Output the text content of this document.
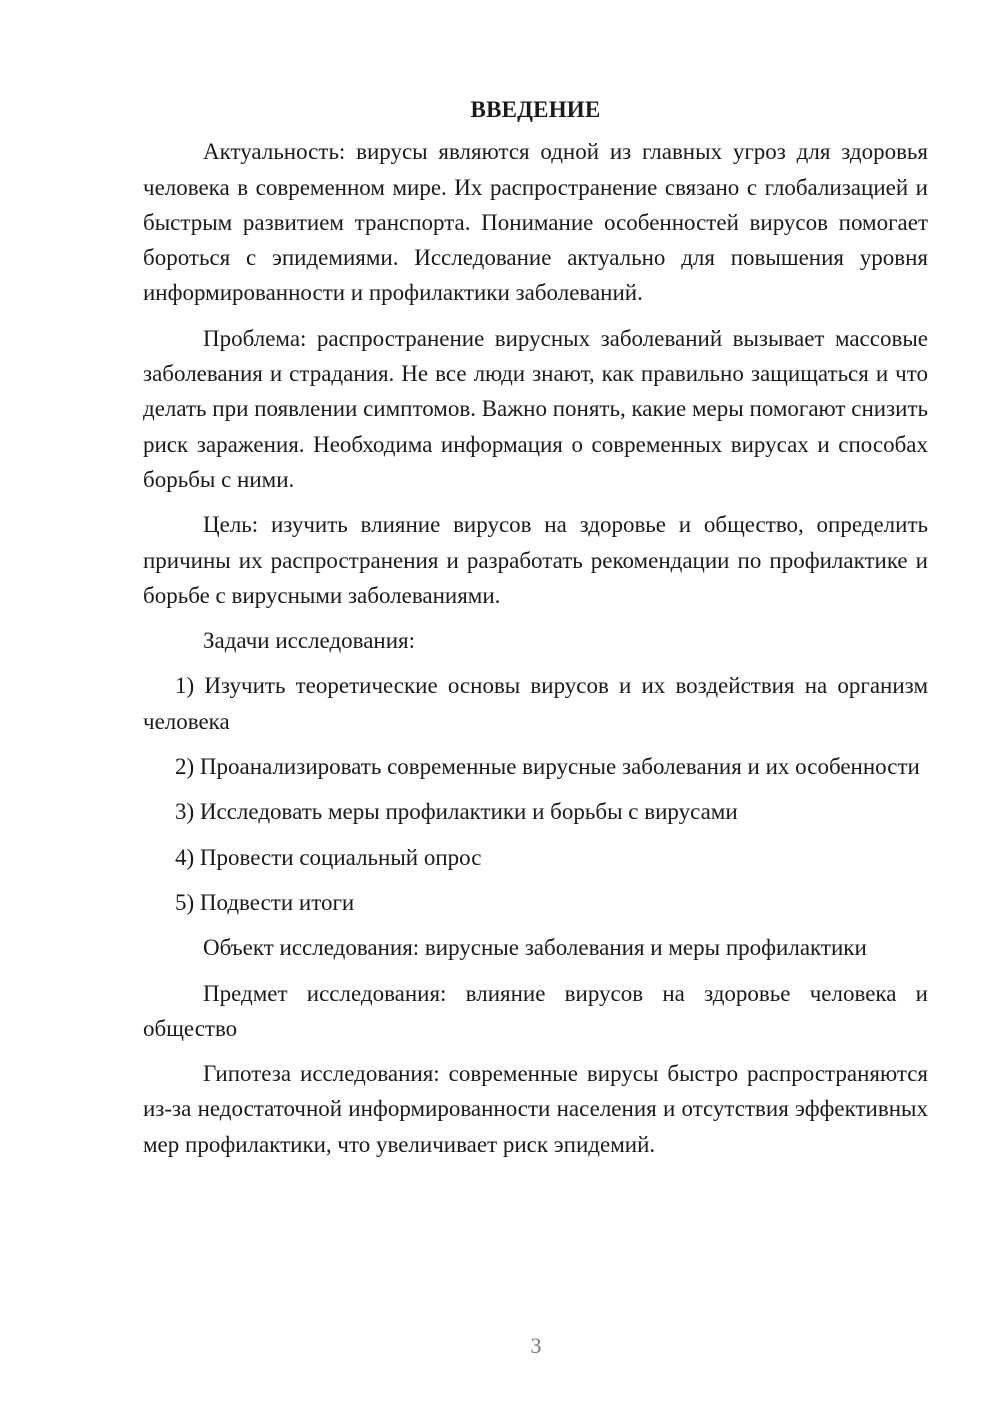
ВВЕДЕНИЕ

Актуальность: вирусы являются одной из главных угроз для здоровья человека в современном мире. Их распространение связано с глобализацией и быстрым развитием транспорта. Понимание особенностей вирусов помогает бороться с эпидемиями. Исследование актуально для повышения уровня информированности и профилактики заболеваний.

Проблема: распространение вирусных заболеваний вызывает массовые заболевания и страдания. Не все люди знают, как правильно защищаться и что делать при появлении симптомов. Важно понять, какие меры помогают снизить риск заражения. Необходима информация о современных вирусах и способах борьбы с ними.

Цель: изучить влияние вирусов на здоровье и общество, определить причины их распространения и разработать рекомендации по профилактике и борьбе с вирусными заболеваниями.

Задачи исследования:

1) Изучить теоретические основы вирусов и их воздействия на организм человека

2) Проанализировать современные вирусные заболевания и их особенности

3) Исследовать меры профилактики и борьбы с вирусами

4) Провести социальный опрос

5) Подвести итоги

Объект исследования: вирусные заболевания и меры профилактики

Предмет исследования: влияние вирусов на здоровье человека и общество

Гипотеза исследования: современные вирусы быстро распространяются из-за недостаточной информированности населения и отсутствия эффективных мер профилактики, что увеличивает риск эпидемий.

3
